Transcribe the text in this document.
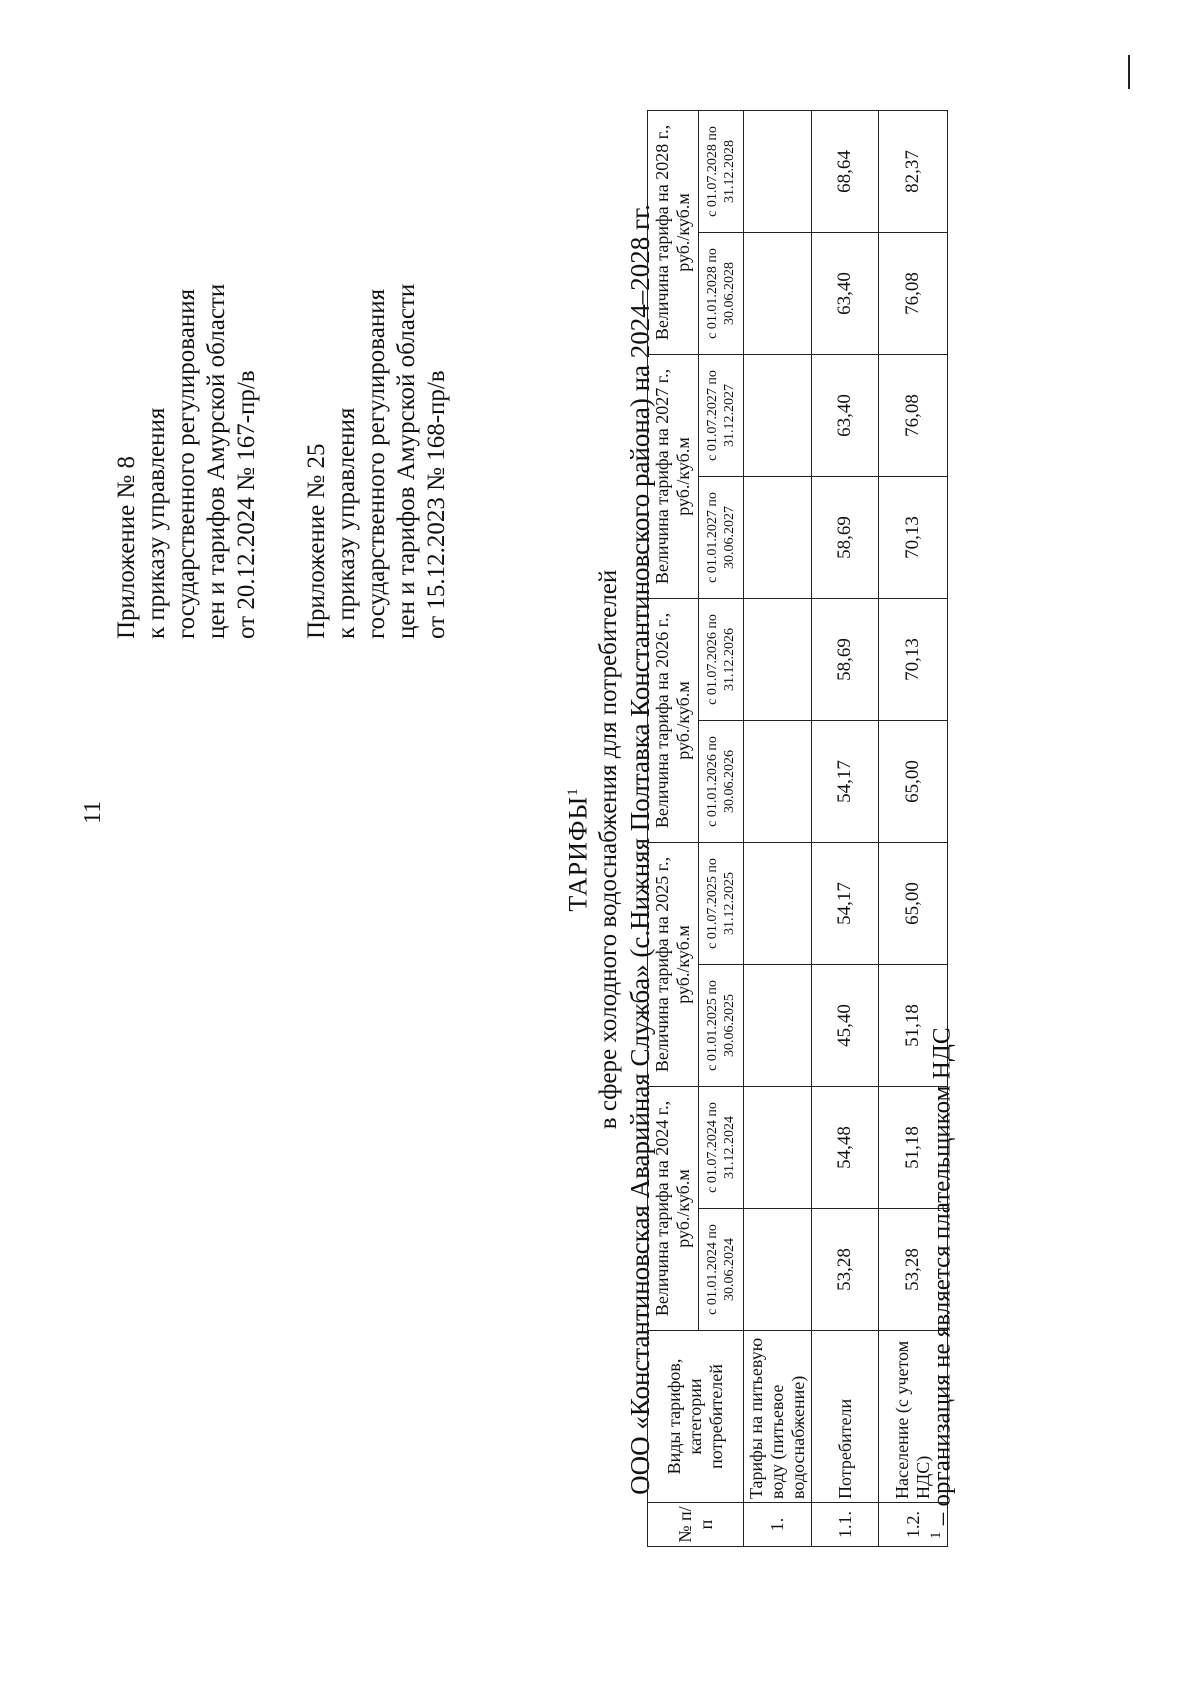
11
Приложение № 8 к приказу управления государственного регулирования цен и тарифов Амурской области от 20.12.2024 № 167-пр/в Приложение № 25 к приказу управления государственного регулирования цен и тарифов Амурской области от 15.12.2023 № 168-пр/в
ТАРИФЫ$^1$ в сфере холодного водоснабжения для потребителей ООО «Константиновская Аварийная Служба» (с.Нижняя Полтавка Константиновского района) на 2024–2028 гг.
№ п/п	Виды тарифов, категории потребителей	Величина тарифа на 2024 г., руб./куб.м		Величина тарифа на 2025 г., руб./куб.м		Величина тарифа на 2026 г., руб./куб.м		Величина тарифа на 2027 г., руб./куб.м		Величина тарифа на 2028 г., руб./куб.м	
		с 01.01.2024 по 30.06.2024	с 01.07.2024 по 31.12.2024	с 01.01.2025 по 30.06.2025	с 01.07.2025 по 31.12.2025	с 01.01.2026 по 30.06.2026	с 01.07.2026 по 31.12.2026	с 01.01.2027 по 30.06.2027	с 01.07.2027 по 31.12.2027	с 01.01.2028 по 30.06.2028	с 01.07.2028 по 31.12.2028
1.	Тарифы на питьевую воду (питьевое водоснабжение)										
1.1.	Потребители	53,28	54,48	45,40	54,17	54,17	58,69	58,69	63,40	63,40	68,64
1.2.	Население (с учетом НДС)	53,28	51,18	51,18	65,00	65,00	70,13	70,13	76,08	76,08	82,37
$^1$ – организация не является плательщиком НДС
